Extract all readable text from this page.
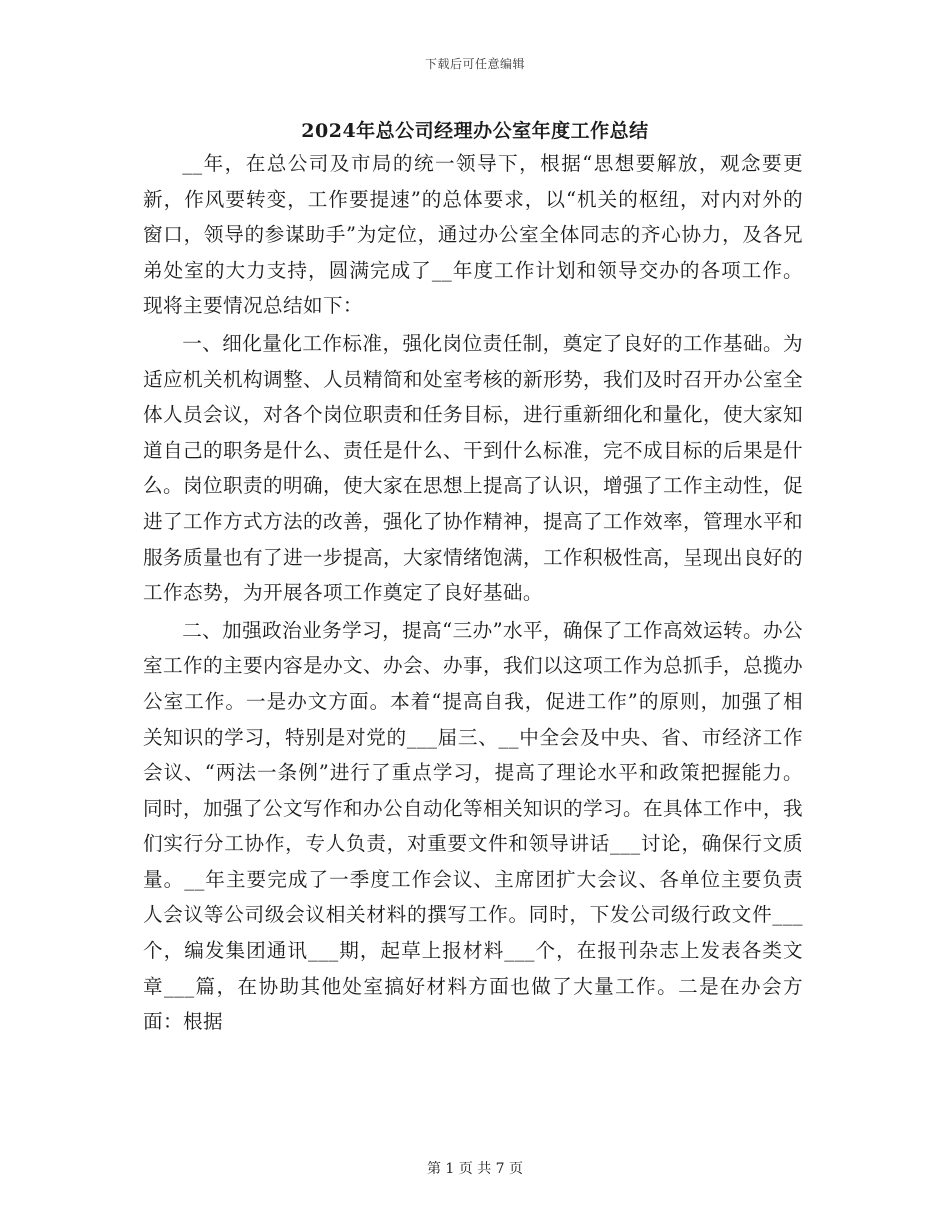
下载后可任意编辑
2024年总公司经理办公室年度工作总结

__年，在总公司及市局的统一领导下，根据“思想要解放，观念要更新，作风要转变，工作要提速”的总体要求，以“机关的枢纽，对内对外的窗口，领导的参谋助手”为定位，通过办公室全体同志的齐心协力，及各兄弟处室的大力支持，圆满完成了__年度工作计划和领导交办的各项工作。现将主要情况总结如下：

一、细化量化工作标准，强化岗位责任制，奠定了良好的工作基础。为适应机关机构调整、人员精简和处室考核的新形势，我们及时召开办公室全体人员会议，对各个岗位职责和任务目标，进行重新细化和量化，使大家知道自己的职务是什么、责任是什么、干到什么标准，完不成目标的后果是什么。岗位职责的明确，使大家在思想上提高了认识，增强了工作主动性，促进了工作方式方法的改善，强化了协作精神，提高了工作效率，管理水平和服务质量也有了进一步提高，大家情绪饱满，工作积极性高，呈现出良好的工作态势，为开展各项工作奠定了良好基础。

二、加强政治业务学习，提高“三办”水平，确保了工作高效运转。办公室工作的主要内容是办文、办会、办事，我们以这项工作为总抓手，总揽办公室工作。一是办文方面。本着“提高自我，促进工作”的原则，加强了相关知识的学习，特别是对党的___届三、__中全会及中央、省、市经济工作会议、“两法一条例”进行了重点学习，提高了理论水平和政策把握能力。同时，加强了公文写作和办公自动化等相关知识的学习。在具体工作中，我们实行分工协作，专人负责，对重要文件和领导讲话___讨论，确保行文质量。__年主要完成了一季度工作会议、主席团扩大会议、各单位主要负责人会议等公司级会议相关材料的撰写工作。同时，下发公司级行政文件___个，编发集团通讯___期，起草上报材料___个，在报刊杂志上发表各类文章___篇，在协助其他处室搞好材料方面也做了大量工作。二是在办会方面：根据

第 1 页 共 7 页
